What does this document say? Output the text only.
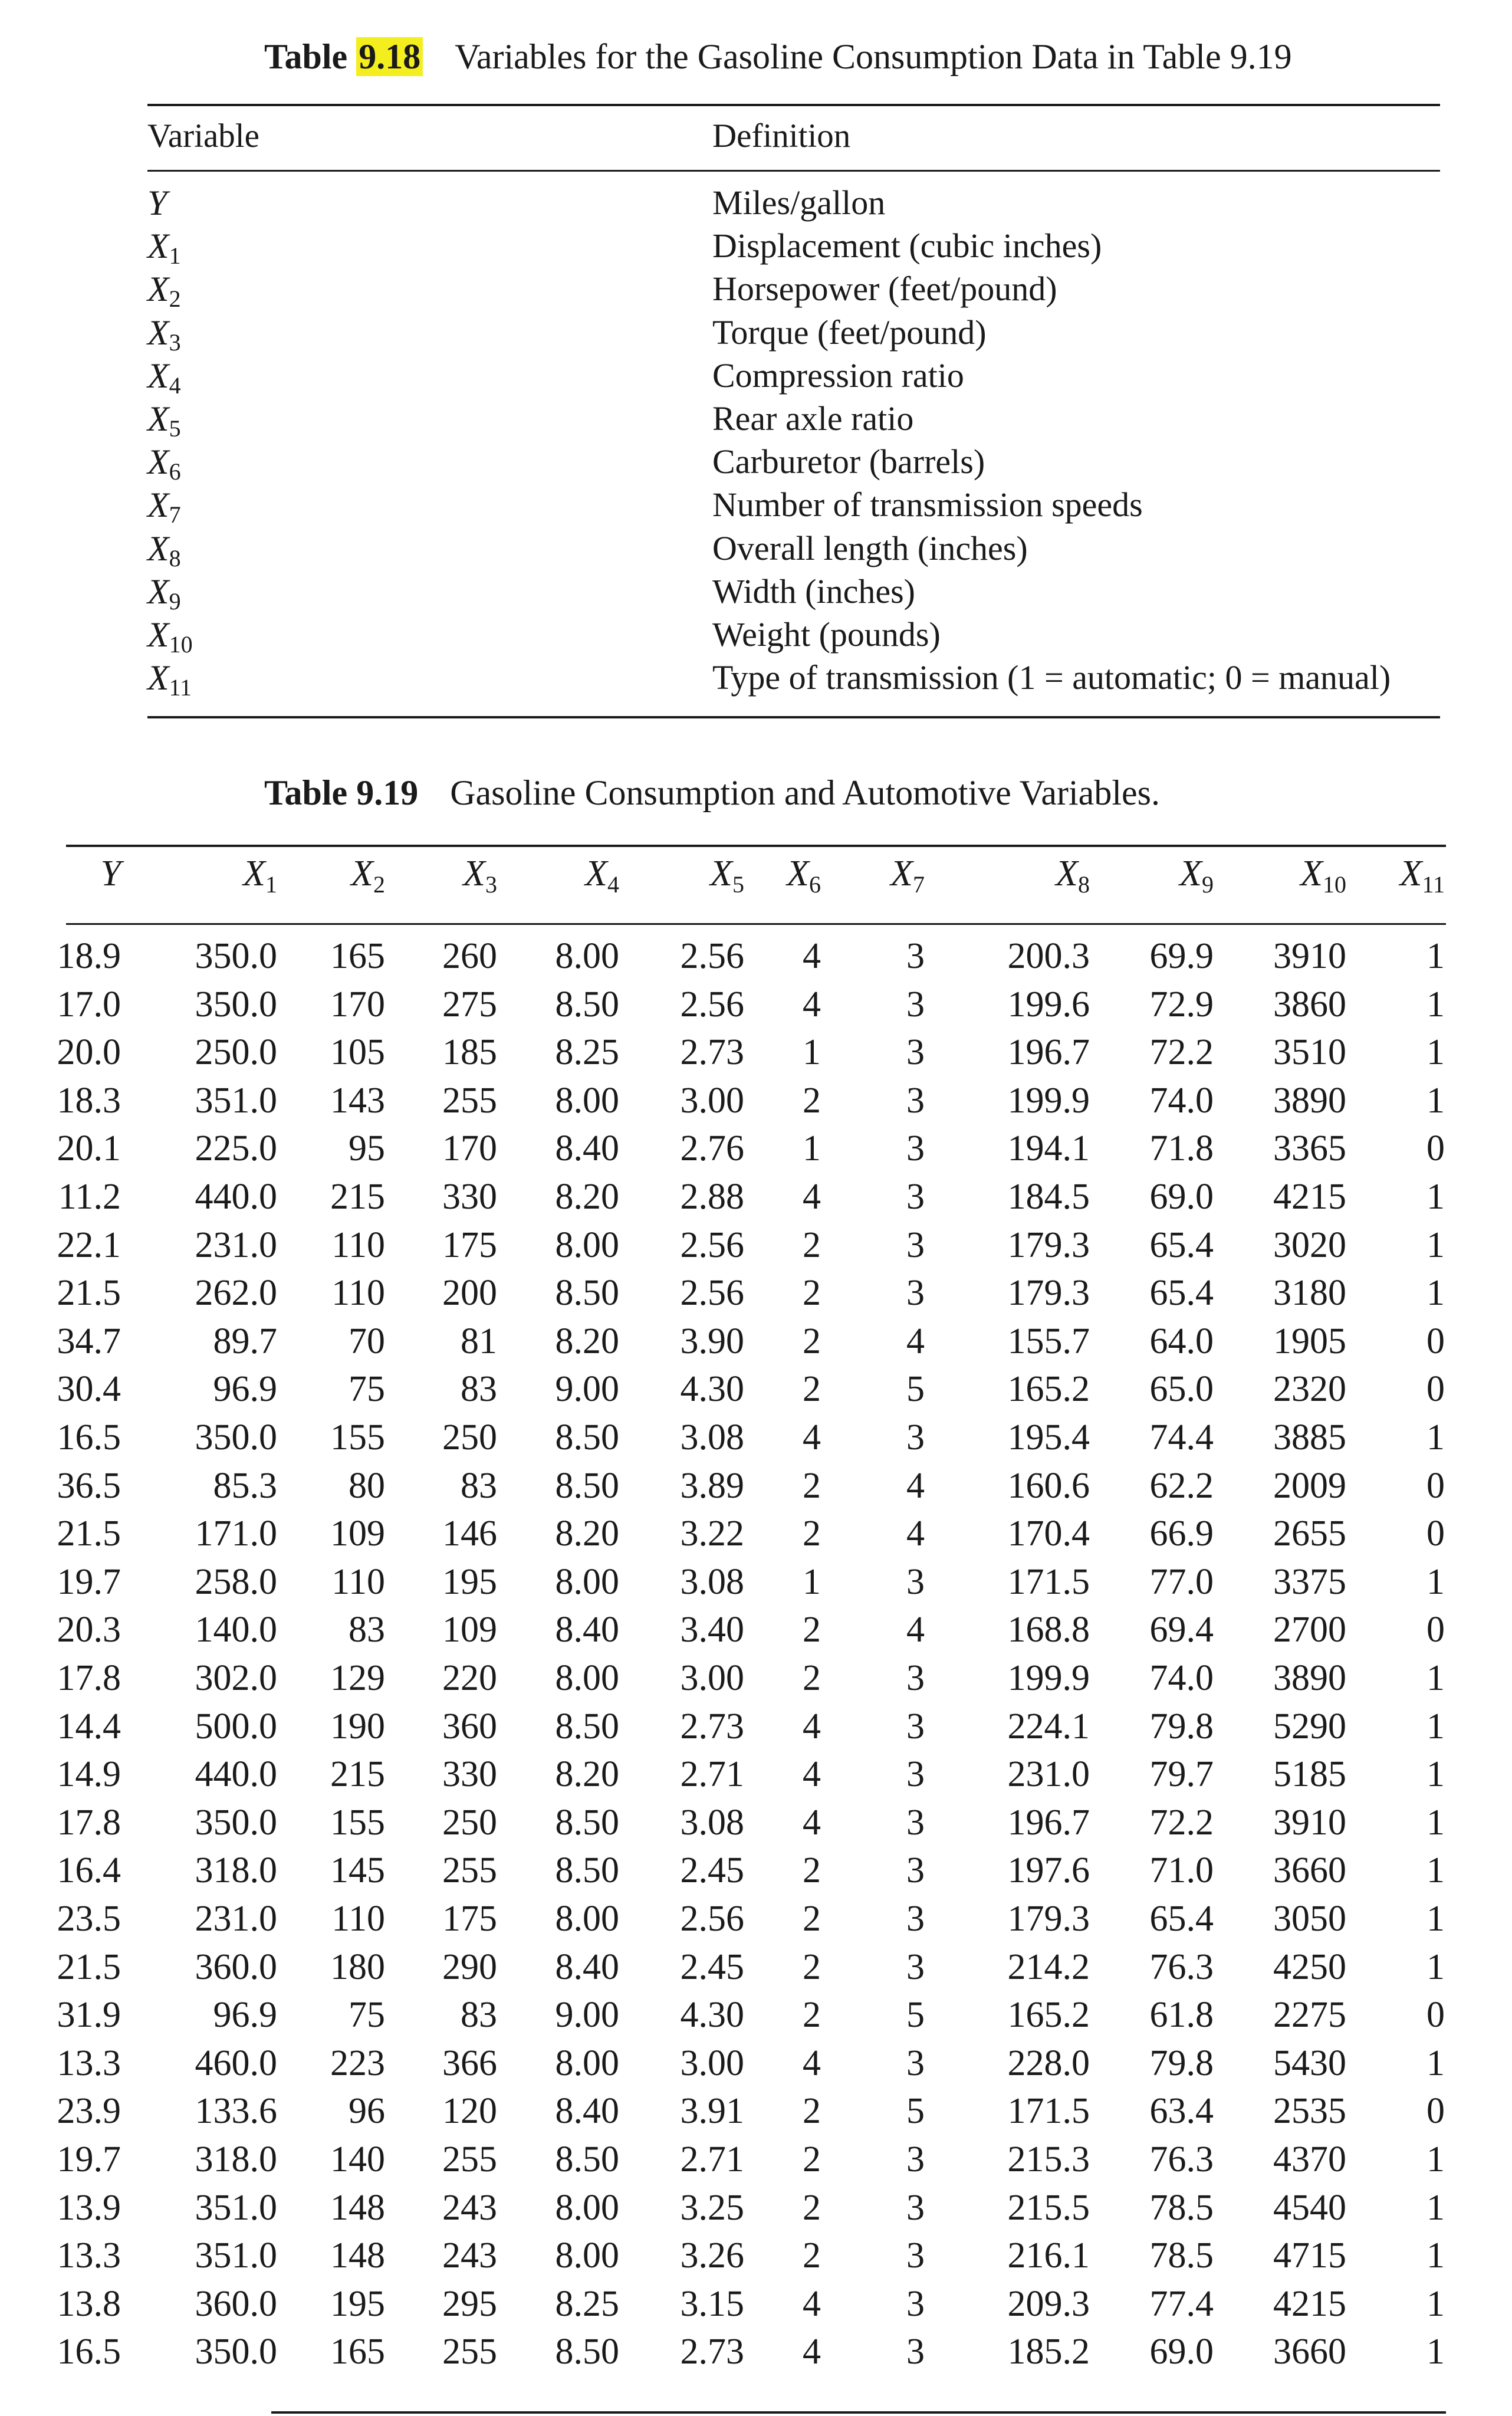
Table 9.18 Variables for the Gasoline Consumption Data in Table 9.19
Variable	Definition
Y	Miles/gallon
$X_1$	Displacement (cubic inches)
$X_2$	Horsepower (feet/pound)
$X_3$	Torque (feet/pound)
$X_4$	Compression ratio
$X_5$	Rear axle ratio
$X_6$	Carburetor (barrels)
$X_7$	Number of transmission speeds
$X_8$	Overall length (inches)
$X_9$	Width (inches)
$X_{10}$	Weight (pounds)
$X_{11}$	Type of transmission (1 = automatic; 0 = manual)
Table 9.19 Gasoline Consumption and Automotive Variables.
Y	$X_1$ $X_2$ $X_3$ $X_4$ $X_5$ $X_6$ $X_7$	$X_8$ $X_9$ $X_{10}$ $X_{11}$
18.9 350.0 165 260 8.00 2.56 4 3 200.3 69.9 3910 1
17.0 350.0 170 275 8.50 2.56 4 3 199.6 72.9 3860 1
20.0 250.0 105 185 8.25 2.73 1 3 196.7 72.2 3510 1
18.3 351.0 143 255 8.00 3.00 2 3 199.9 74.0 3890 1
20.1 225.0 95 170 8.40 2.76 1 3 194.1 71.8 3365 0
11.2 440.0 215 330 8.20 2.88 4 3 184.5 69.0 4215 1
22.1 231.0 110 175 8.00 2.56 2 3 179.3 65.4 3020 1
21.5 262.0 110 200 8.50 2.56 2 3 179.3 65.4 3180 1
34.7	89.7 70 81 8.20 3.90 2 4 155.7 64.0 1905 0
30.4	96.9 75 83 9.00 4.30 2 5 165.2 65.0 2320 0
16.5 350.0 155 250 8.50 3.08 4 3 195.4 74.4 3885 1
36.5	85.3 80 83 8.50 3.89 2 4 160.6 62.2 2009 0
21.5 171.0 109 146 8.20 3.22 2 4 170.4 66.9 2655 0
19.7 258.0 110 195 8.00 3.08 1 3 171.5 77.0 3375 1
20.3 140.0 83 109 8.40 3.40 2 4 168.8 69.4 2700 0
17.8 302.0 129 220 8.00 3.00 2 3 199.9 74.0 3890 1
14.4 500.0 190 360 8.50 2.73 4 3 224.1 79.8 5290 1
14.9 440.0 215 330 8.20 2.71 4 3 231.0 79.7 5185 1
17.8 350.0 155 250 8.50 3.08 4 3 196.7 72.2 3910 1
16.4 318.0 145 255 8.50 2.45 2 3 197.6 71.0 3660 1
23.5 231.0 110 175 8.00 2.56 2 3 179.3 65.4 3050 1
21.5 360.0 180 290 8.40 2.45 2 3 214.2 76.3 4250 1
31.9	96.9 75 83 9.00 4.30 2 5 165.2 61.8 2275 0
13.3 460.0 223 366 8.00 3.00 4 3 228.0 79.8 5430 1
23.9 133.6 96 120 8.40 3.91 2 5 171.5 63.4 2535 0
19.7 318.0 140 255 8.50 2.71 2 3 215.3 76.3 4370 1
13.9 351.0 148 243 8.00 3.25 2 3 215.5 78.5 4540 1
13.3 351.0 148 243 8.00 3.26 2 3 216.1 78.5 4715 1
13.8 360.0 195 295 8.25 3.15 4 3 209.3 77.4 4215 1
16.5 350.0 165 255 8.50 2.73 4 3 185.2 69.0 3660 1
